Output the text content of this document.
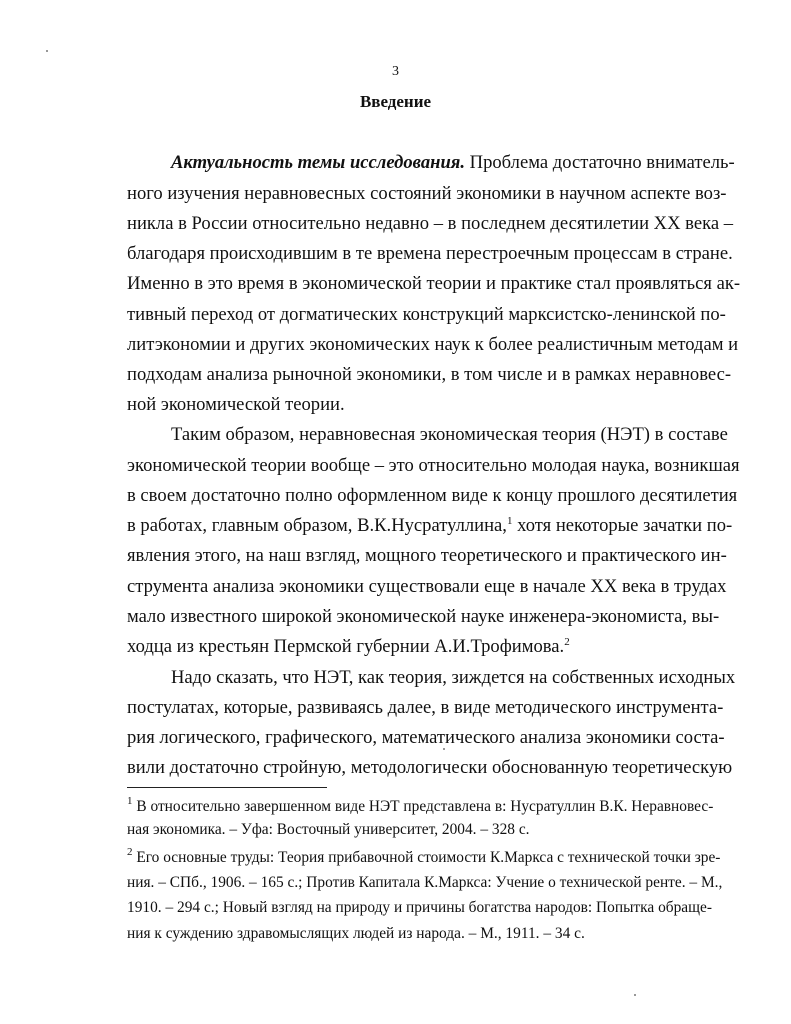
3
Введение
Актуальность темы исследования. Проблема достаточно вниматель-
ного изучения неравновесных состояний экономики в научном аспекте воз-
никла в России относительно недавно – в последнем десятилетии XX века –
благодаря происходившим в те времена перестроечным процессам в стране.
Именно в это время в экономической теории и практике стал проявляться ак-
тивный переход от догматических конструкций марксистско-ленинской по-
литэкономии и других экономических наук к более реалистичным методам и
подходам анализа рыночной экономики, в том числе и в рамках неравновес-
ной экономической теории.
Таким образом, неравновесная экономическая теория (НЭТ) в составе
экономической теории вообще – это относительно молодая наука, возникшая
в своем достаточно полно оформленном виде к концу прошлого десятилетия
в работах, главным образом, В.К.Нусратуллина,$^1$ хотя некоторые зачатки по-
явления этого, на наш взгляд, мощного теоретического и практического ин-
струмента анализа экономики существовали еще в начале XX века в трудах
мало известного широкой экономической науке инженера-экономиста, вы-
ходца из крестьян Пермской губернии А.И.Трофимова.$^2$
Надо сказать, что НЭТ, как теория, зиждется на собственных исходных
постулатах, которые, развиваясь далее, в виде методического инструмента-
рия логического, графического, математического анализа экономики соста-
вили достаточно стройную, методологически обоснованную теоретическую
$^1$ В относительно завершенном виде НЭТ представлена в: Нусратуллин В.К. Неравновес-
ная экономика. – Уфа: Восточный университет, 2004. – 328 с.
$^2$ Его основные труды: Теория прибавочной стоимости К.Маркса с технической точки зре-
ния. – СПб., 1906. – 165 с.; Против Капитала К.Маркса: Учение о технической ренте. – М.,
1910. – 294 с.; Новый взгляд на природу и причины богатства народов: Попытка обраще-
ния к суждению здравомыслящих людей из народа. – М., 1911. – 34 с.
